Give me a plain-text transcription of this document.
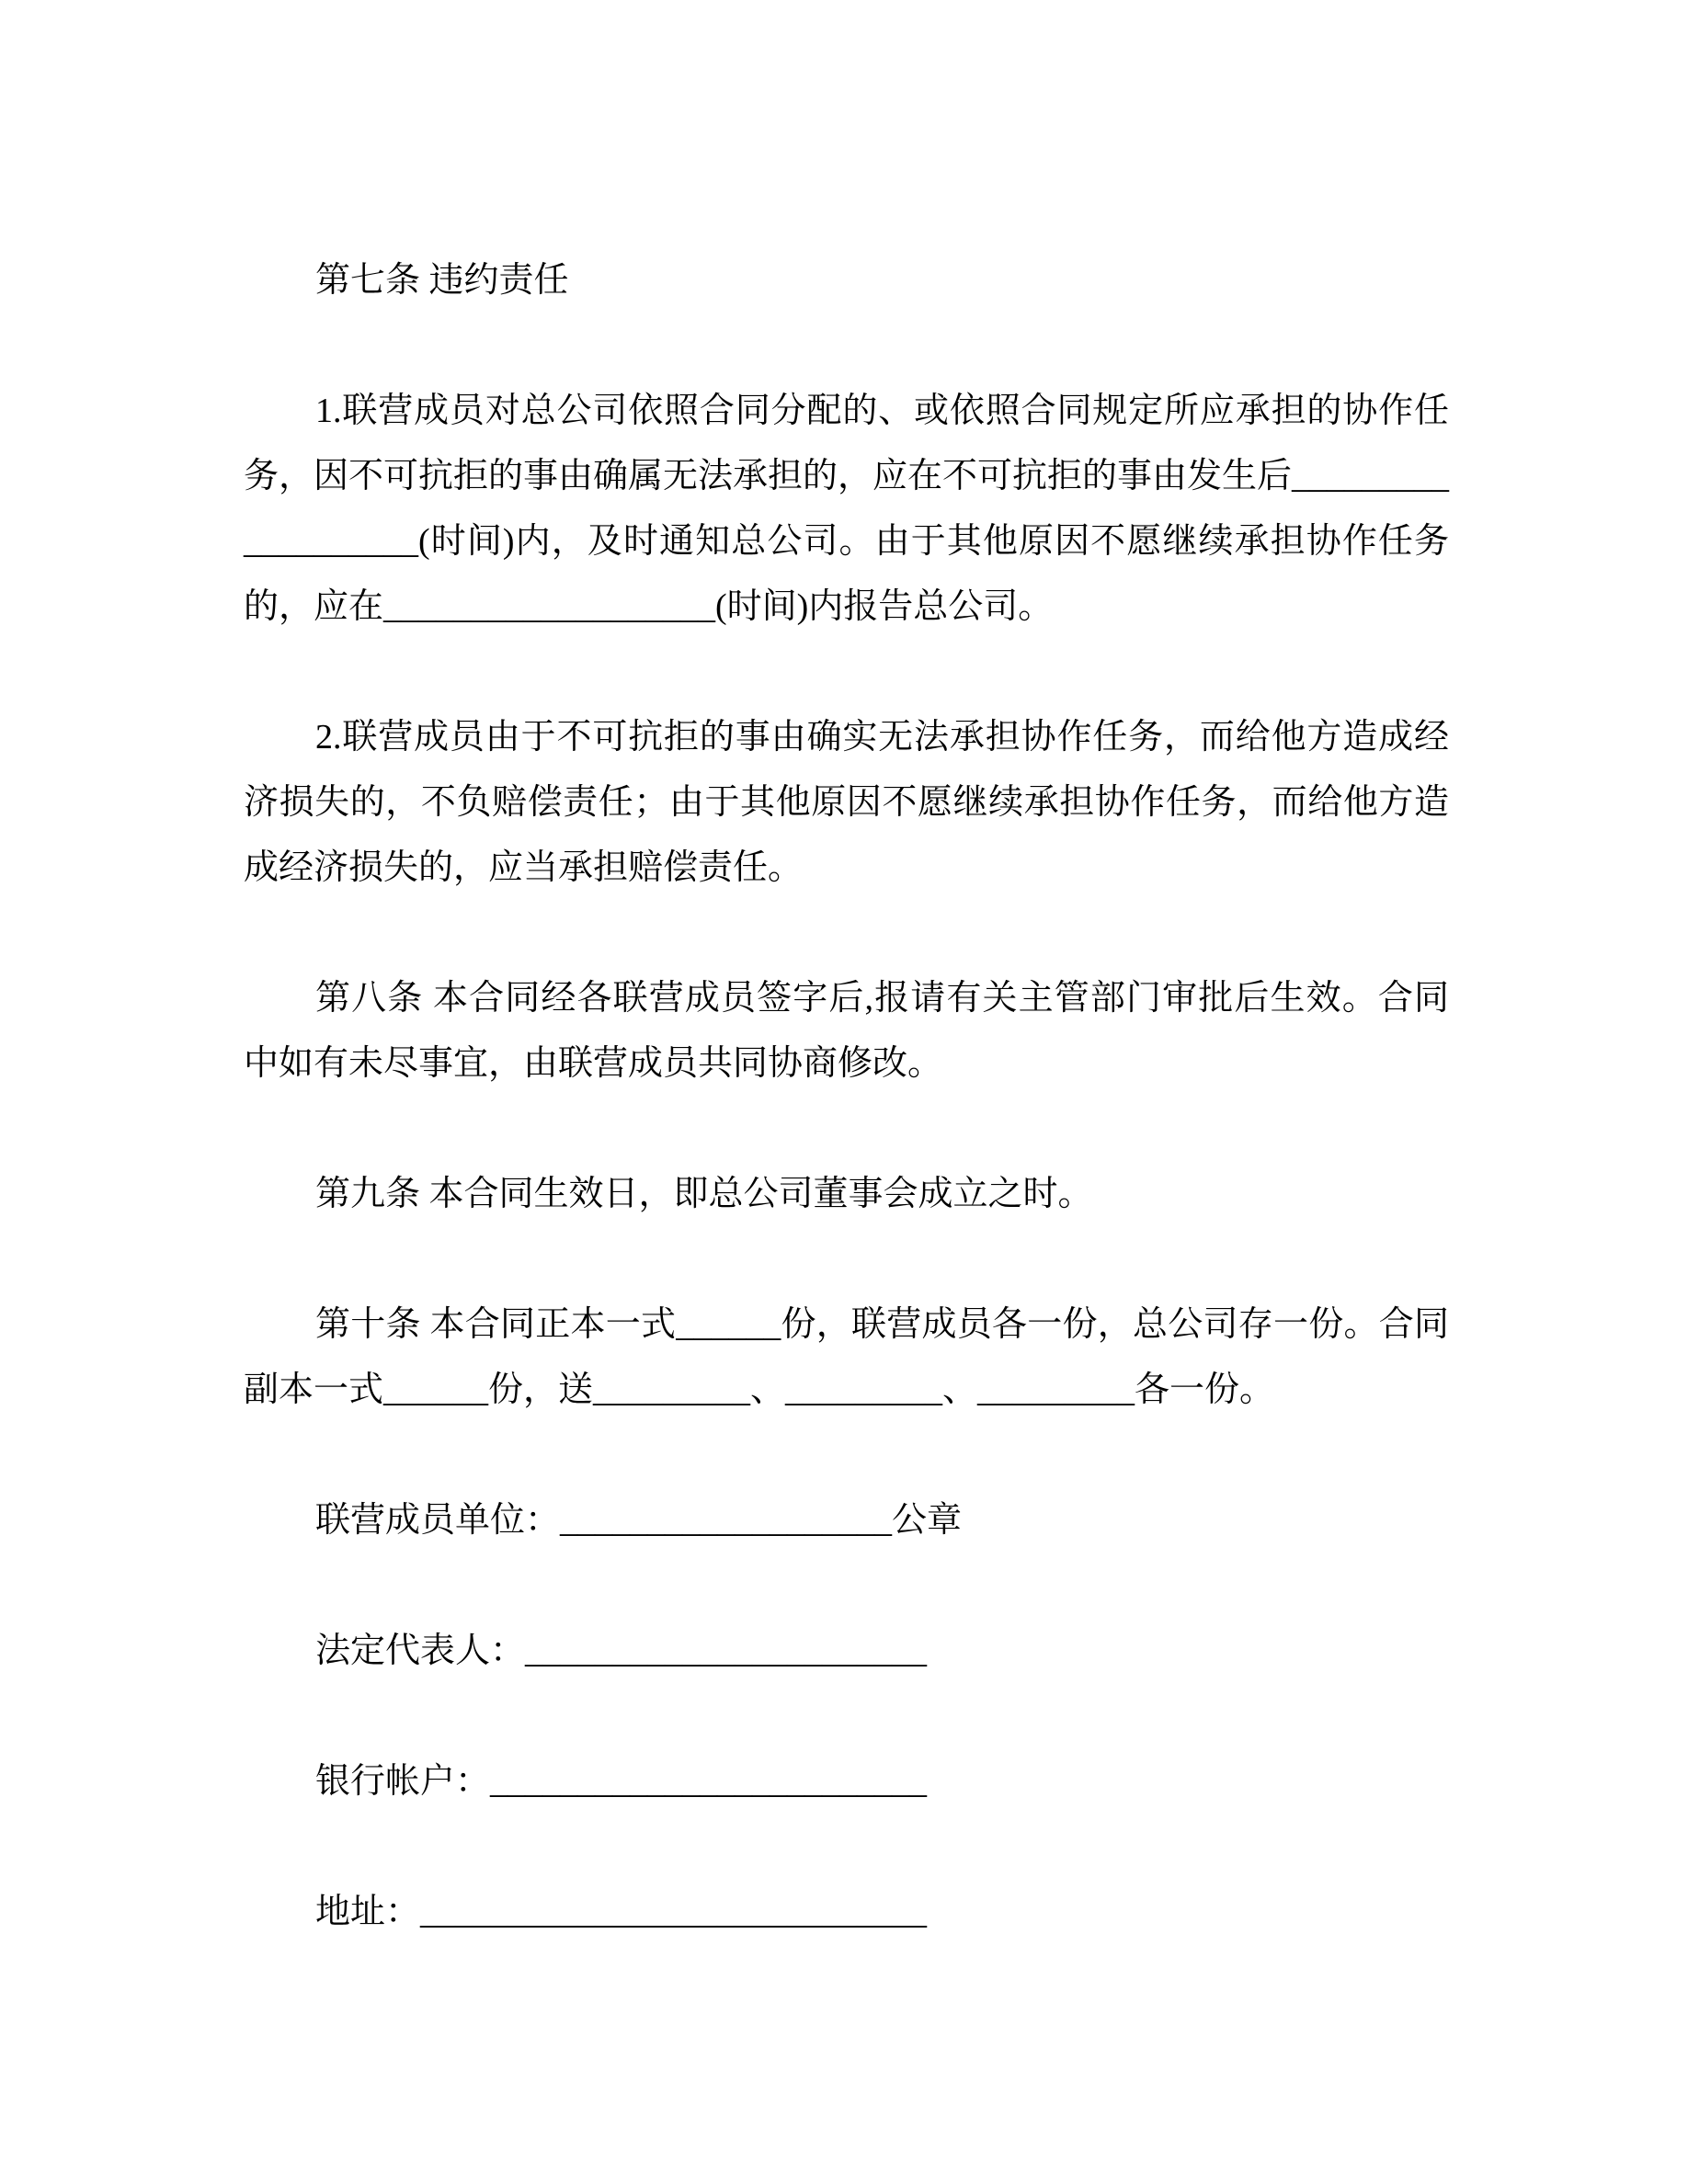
第七条 违约责任

1.联营成员对总公司依照合同分配的、或依照合同规定所应承担的协作任务，因不可抗拒的事由确属无法承担的，应在不可抗拒的事由发生后___________________(时间)内，及时通知总公司。由于其他原因不愿继续承担协作任务的，应在___________________(时间)内报告总公司。

2.联营成员由于不可抗拒的事由确实无法承担协作任务，而给他方造成经济损失的，不负赔偿责任；由于其他原因不愿继续承担协作任务，而给他方造成经济损失的，应当承担赔偿责任。

第八条 本合同经各联营成员签字后,报请有关主管部门审批后生效。合同中如有未尽事宜，由联营成员共同协商修改。

第九条 本合同生效日，即总公司董事会成立之时。

第十条 本合同正本一式______份，联营成员各一份，总公司存一份。合同副本一式______份，送_________、_________、_________各一份。

联营成员单位：___________________公章

法定代表人：_______________________

银行帐户：_________________________

地址：_____________________________
